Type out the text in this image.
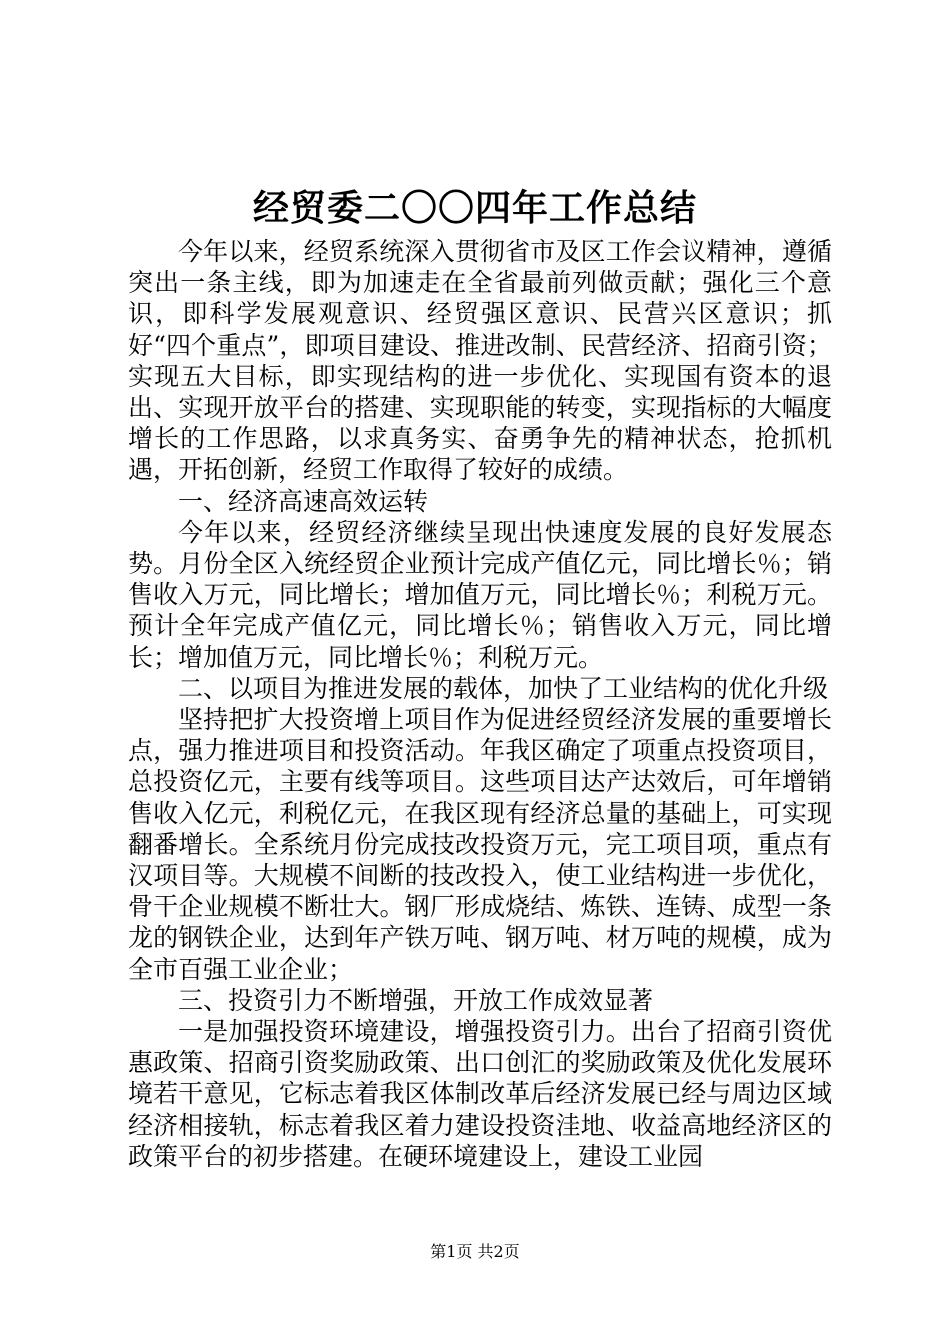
经贸委二〇〇四年工作总结

今年以来，经贸系统深入贯彻省市及区工作会议精神，遵循突出一条主线，即为加速走在全省最前列做贡献；强化三个意识，即科学发展观意识、经贸强区意识、民营兴区意识；抓好“四个重点”，即项目建设、推进改制、民营经济、招商引资；实现五大目标，即实现结构的进一步优化、实现国有资本的退出、实现开放平台的搭建、实现职能的转变，实现指标的大幅度增长的工作思路，以求真务实、奋勇争先的精神状态，抢抓机遇，开拓创新，经贸工作取得了较好的成绩。

一、经济高速高效运转

今年以来，经贸经济继续呈现出快速度发展的良好发展态势。月份全区入统经贸企业预计完成产值亿元，同比增长％；销售收入万元，同比增长；增加值万元，同比增长％；利税万元。预计全年完成产值亿元，同比增长％；销售收入万元，同比增长；增加值万元，同比增长％；利税万元。

二、以项目为推进发展的载体，加快了工业结构的优化升级

坚持把扩大投资增上项目作为促进经贸经济发展的重要增长点，强力推进项目和投资活动。年我区确定了项重点投资项目，总投资亿元，主要有线等项目。这些项目达产达效后，可年增销售收入亿元，利税亿元，在我区现有经济总量的基础上，可实现翻番增长。全系统月份完成技改投资万元，完工项目项，重点有汉项目等。大规模不间断的技改投入，使工业结构进一步优化，骨干企业规模不断壮大。钢厂形成烧结、炼铁、连铸、成型一条龙的钢铁企业，达到年产铁万吨、钢万吨、材万吨的规模，成为全市百强工业企业；

三、投资引力不断增强，开放工作成效显著

一是加强投资环境建设，增强投资引力。出台了招商引资优惠政策、招商引资奖励政策、出口创汇的奖励政策及优化发展环境若干意见，它标志着我区体制改革后经济发展已经与周边区域经济相接轨，标志着我区着力建设投资洼地、收益高地经济区的政策平台的初步搭建。在硬环境建设上，建设工业园

第1页 共2页
